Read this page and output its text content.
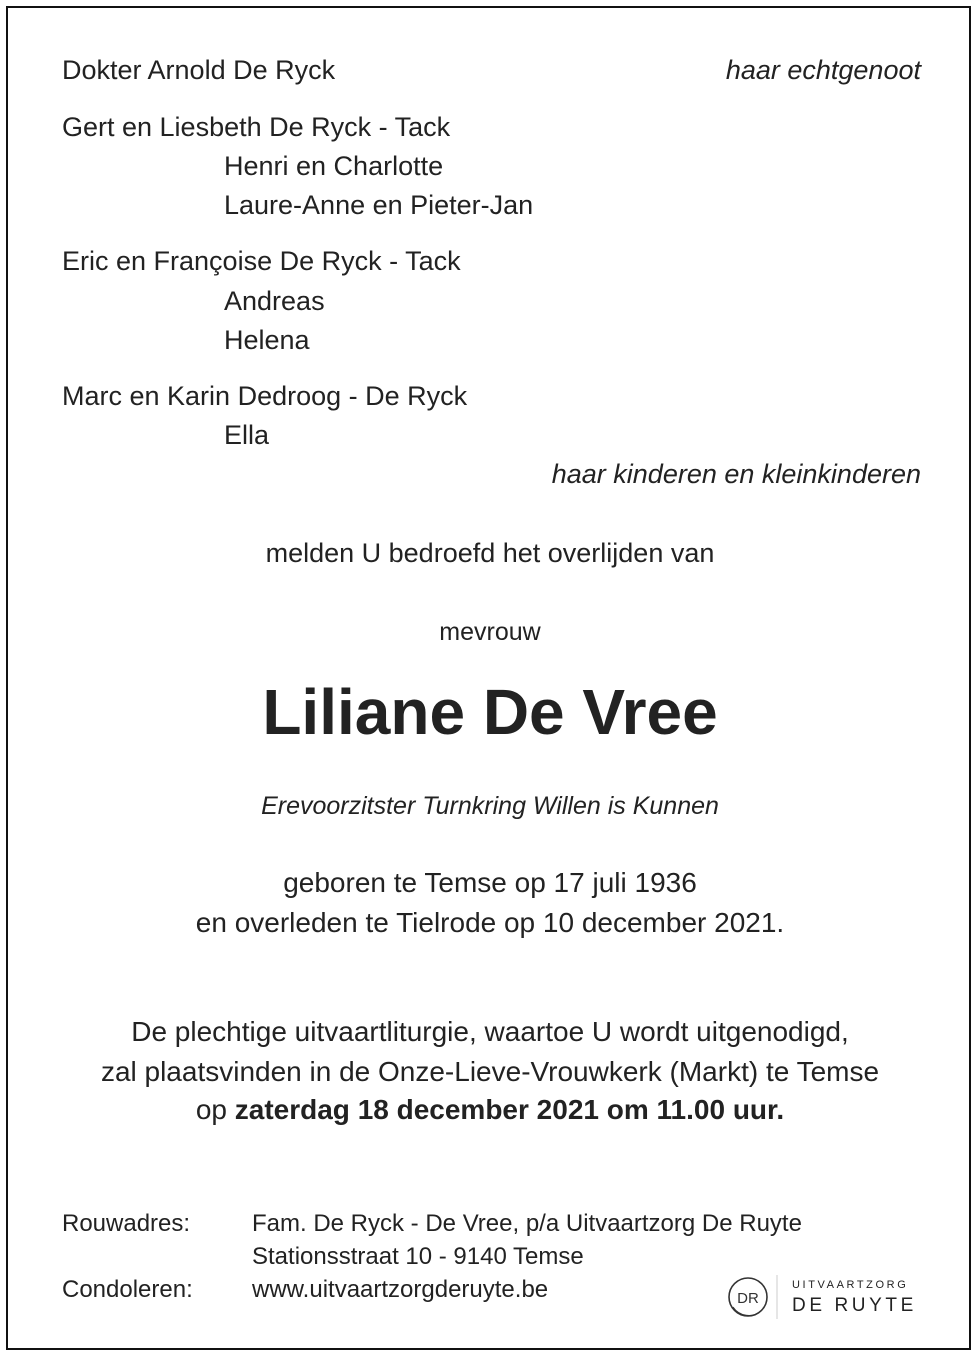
Dokter Arnold De Ryck	haar echtgenoot
Gert en Liesbeth De Ryck - Tack
Henri en Charlotte
Laure-Anne en Pieter-Jan
Eric en Françoise De Ryck - Tack
Andreas
Helena
Marc en Karin Dedroog - De Ryck
Ella
haar kinderen en kleinkinderen
melden U bedroefd het overlijden van
mevrouw
Liliane De Vree
Erevoorzitster Turnkring Willen is Kunnen
geboren te Temse op 17 juli 1936
en overleden te Tielrode op 10 december 2021.
De plechtige uitvaartliturgie, waartoe U wordt uitgenodigd,
zal plaatsvinden in de Onze-Lieve-Vrouwkerk (Markt) te Temse
op zaterdag 18 december 2021 om 11.00 uur.
Rouwadres:	Fam. De Ryck - De Vree, p/a Uitvaartzorg De Ruyte
Stationsstraat 10 - 9140 Temse
Condoleren: www.uitvaartzorgderuyte.be	DR
UITVAARTZORG
DE RUYTE
